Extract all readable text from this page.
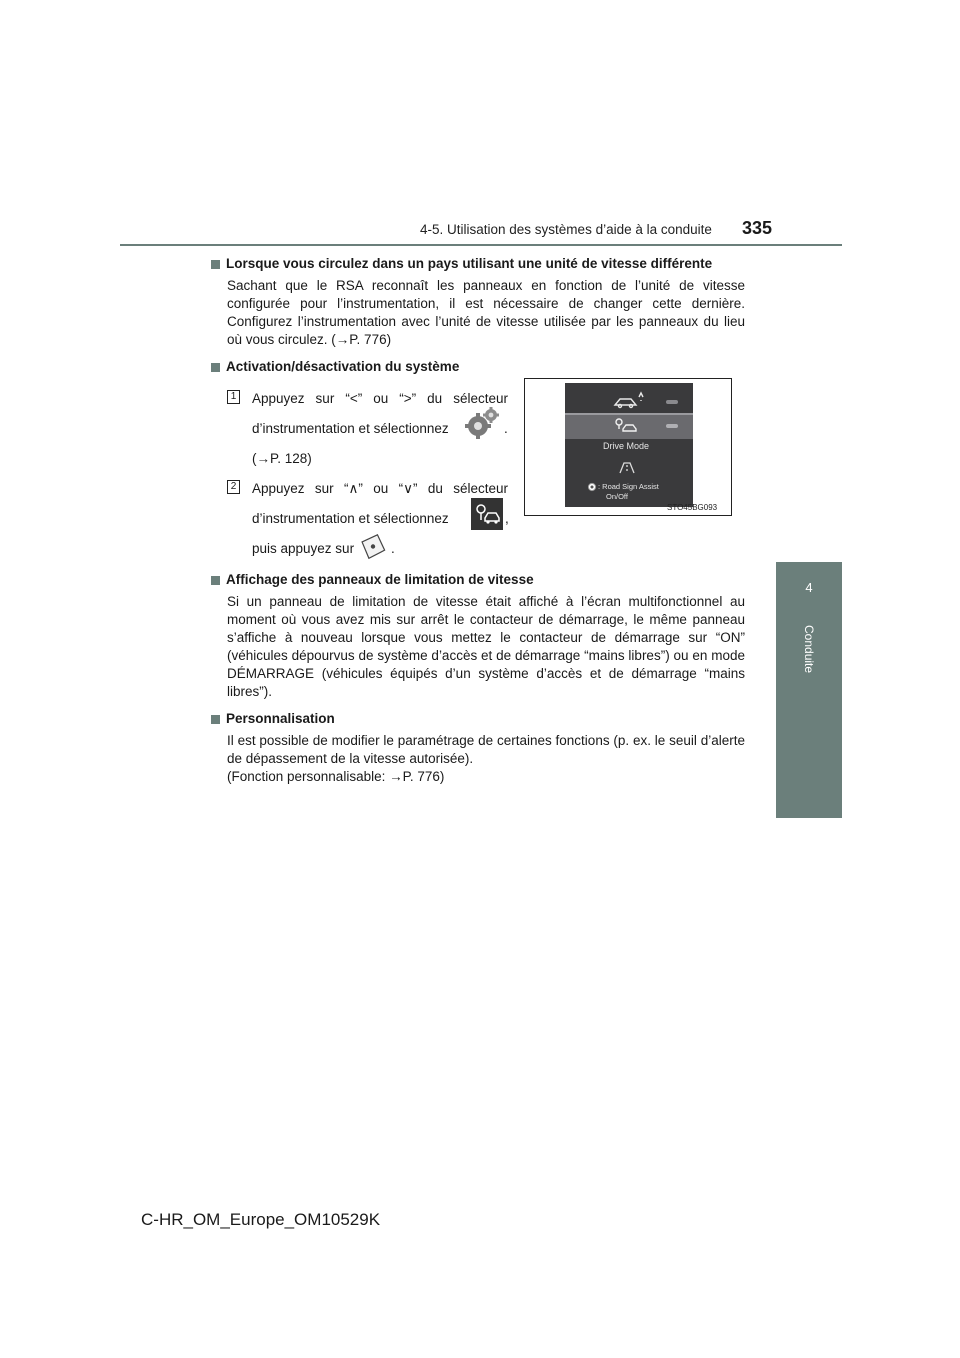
4-5. Utilisation des systèmes d’aide à la conduite 335
4
Conduite
Lorsque vous circulez dans un pays utilisant une unité de vitesse différente
Sachant que le RSA reconnaît les panneaux en fonction de l’unité de vitesse configurée pour l’instrumentation, il est nécessaire de changer cette dernière. Configurez l’instrumentation avec l’unité de vitesse utilisée par les panneaux du lieu où vous circulez. (→P. 776)
Activation/désactivation du système
1 Appuyez sur “<” ou “>” du sélecteur
d’instrumentation et sélectionnez	.
(→P. 128)
2 Appuyez sur “∧” ou “∨” du sélecteur
d’instrumentation et sélectionnez	,
puis appuyez sur	.
Affichage des panneaux de limitation de vitesse
Si un panneau de limitation de vitesse était affiché à l’écran multifonctionnel au moment où vous avez mis sur arrêt le contacteur de démarrage, le même panneau s’affiche à nouveau lorsque vous mettez le contacteur de démarrage sur “ON” (véhicules dépourvus de système d’accès et de démarrage “mains libres”) ou en mode DÉMARRAGE (véhicules équipés d’un système d’accès et de démarrage “mains libres”).
Personnalisation
Il est possible de modifier le paramétrage de certaines fonctions (p. ex. le seuil d’alerte de dépassement de la vitesse autorisée).
(Fonction personnalisable: →P. 776)
Drive Mode
: Road Sign Assist
On/Off
STO45BG093
C-HR_OM_Europe_OM10529K
